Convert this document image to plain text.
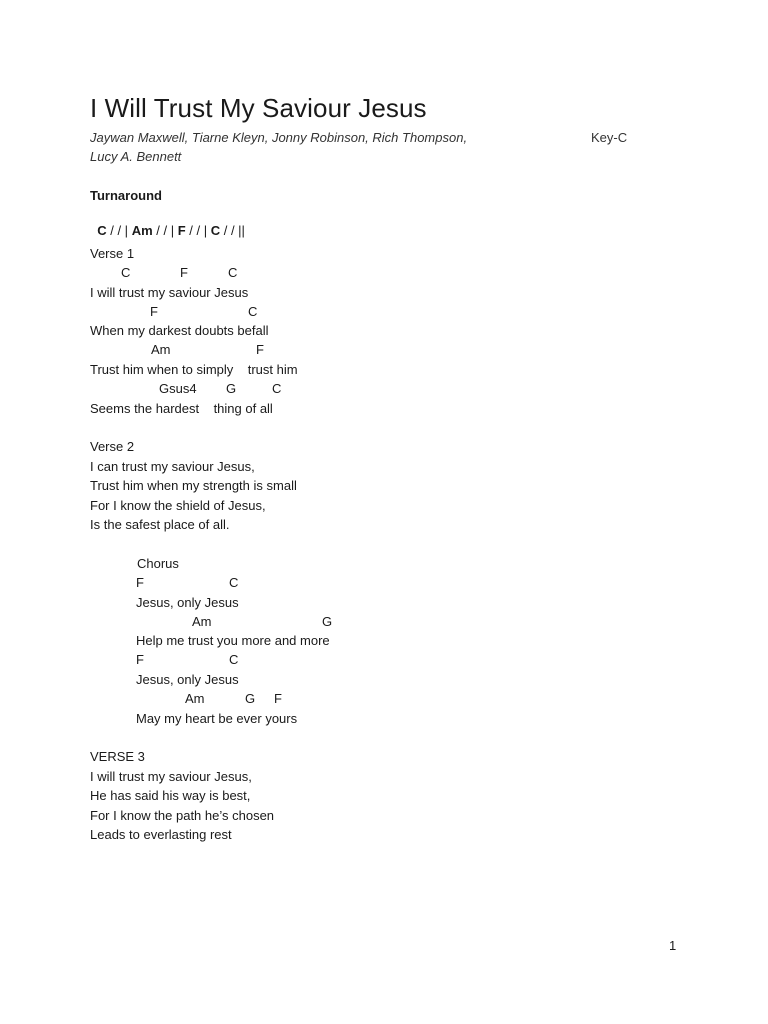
I Will Trust My Saviour Jesus
Jaywan Maxwell, Tiarne Kleyn, Jonny Robinson, Rich Thompson,	Key-C
Lucy A. Bennett
Turnaround

C / / | Am / / | F / / | C / / ||

Verse 1
C	F	C
I will trust my saviour Jesus
F	C
When my darkest doubts befall
Am	F
Trust him when to simply    trust him
Gsus4 G	C
Seems the hardest    thing of all
Verse 2
I can trust my saviour Jesus,
Trust him when my strength is small
For I know the shield of Jesus,
Is the safest place of all.
Chorus
F	C
Jesus, only Jesus
Am	G
Help me trust you more and more
F	C
Jesus, only Jesus
Am	G F
May my heart be ever yours
VERSE 3
I will trust my saviour Jesus,
He has said his way is best,
For I know the path he’s chosen
Leads to everlasting rest
1
